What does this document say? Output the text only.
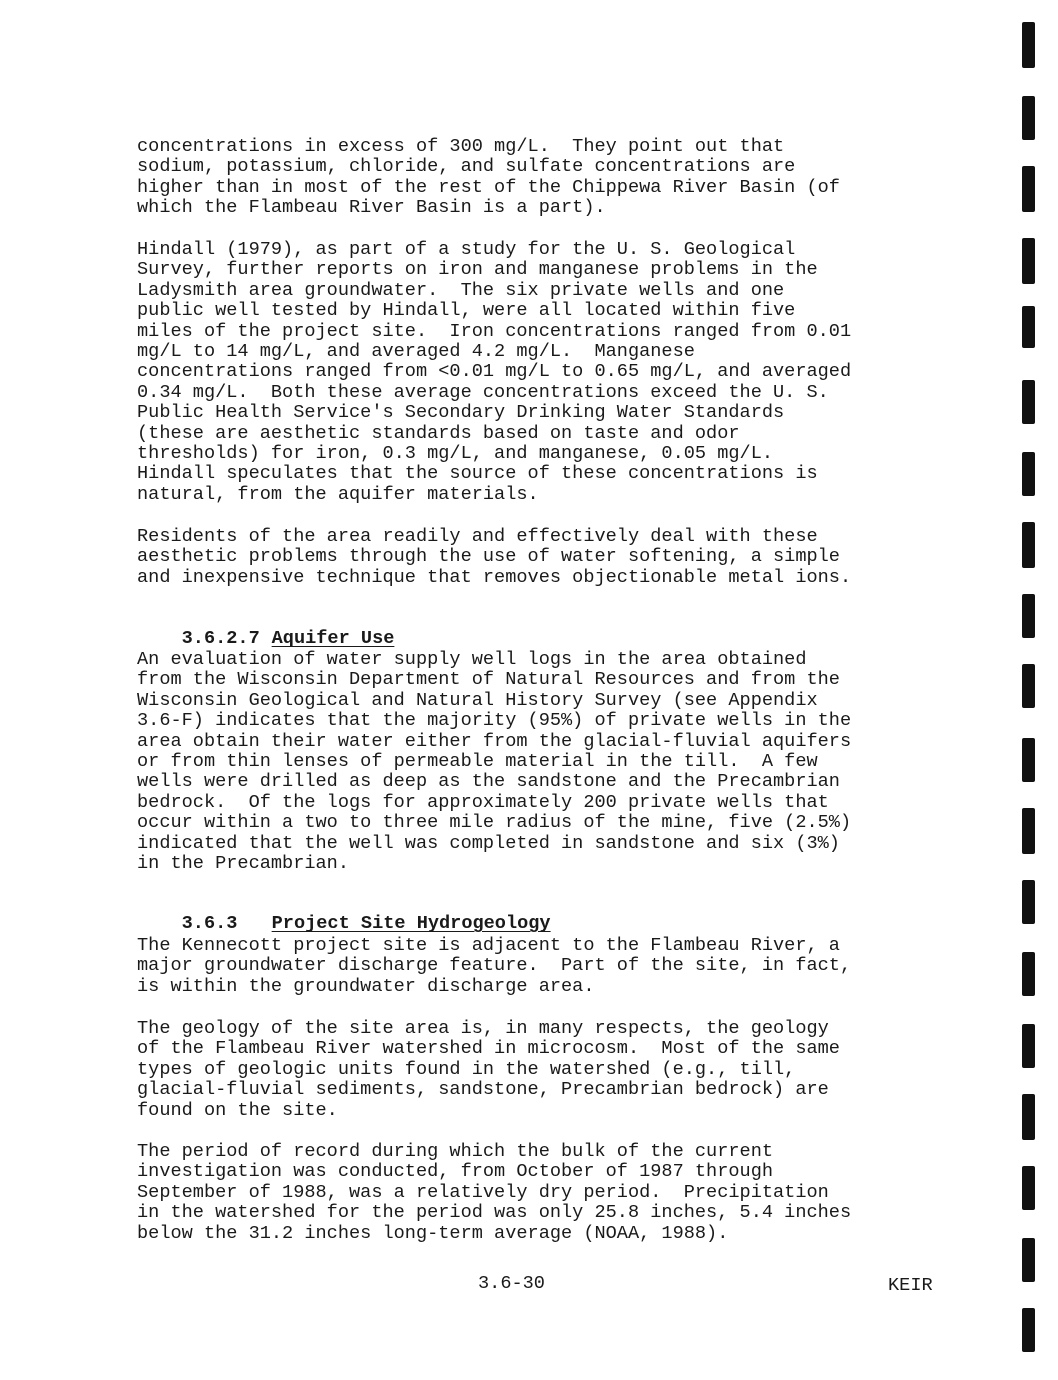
concentrations in excess of 300 mg/L.  They point out that
sodium, potassium, chloride, and sulfate concentrations are
higher than in most of the rest of the Chippewa River Basin (of
which the Flambeau River Basin is a part).

Hindall (1979), as part of a study for the U. S. Geological
Survey, further reports on iron and manganese problems in the
Ladysmith area groundwater.  The six private wells and one
public well tested by Hindall, were all located within five
miles of the project site.  Iron concentrations ranged from 0.01
mg/L to 14 mg/L, and averaged 4.2 mg/L.  Manganese
concentrations ranged from <0.01 mg/L to 0.65 mg/L, and averaged
0.34 mg/L.  Both these average concentrations exceed the U. S.
Public Health Service's Secondary Drinking Water Standards
(these are aesthetic standards based on taste and odor
thresholds) for iron, 0.3 mg/L, and manganese, 0.05 mg/L.
Hindall speculates that the source of these concentrations is
natural, from the aquifer materials.

Residents of the area readily and effectively deal with these
aesthetic problems through the use of water softening, a simple
and inexpensive technique that removes objectionable metal ions.

3.6.2.7 Aquifer Use

An evaluation of water supply well logs in the area obtained
from the Wisconsin Department of Natural Resources and from the
Wisconsin Geological and Natural History Survey (see Appendix
3.6-F) indicates that the majority (95%) of private wells in the
area obtain their water either from the glacial-fluvial aquifers
or from thin lenses of permeable material in the till.  A few
wells were drilled as deep as the sandstone and the Precambrian
bedrock.  Of the logs for approximately 200 private wells that
occur within a two to three mile radius of the mine, five (2.5%)
indicated that the well was completed in sandstone and six (3%)
in the Precambrian.

3.6.3 Project Site Hydrogeology

The Kennecott project site is adjacent to the Flambeau River, a
major groundwater discharge feature.  Part of the site, in fact,
is within the groundwater discharge area.

The geology of the site area is, in many respects, the geology
of the Flambeau River watershed in microcosm.  Most of the same
types of geologic units found in the watershed (e.g., till,
glacial-fluvial sediments, sandstone, Precambrian bedrock) are
found on the site.

The period of record during which the bulk of the current
investigation was conducted, from October of 1987 through
September of 1988, was a relatively dry period.  Precipitation
in the watershed for the period was only 25.8 inches, 5.4 inches
below the 31.2 inches long-term average (NOAA, 1988).

3.6-30	KEIR
